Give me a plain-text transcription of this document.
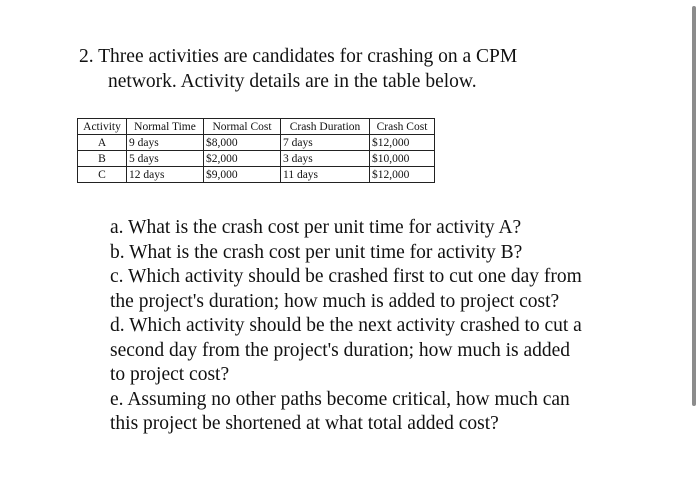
2. Three activities are candidates for crashing on a CPM
network. Activity details are in the table below.
Activity	Normal Time	Normal Cost	Crash Duration	Crash Cost
A	9 days	$8,000	7 days	$12,000
B	5 days	$2,000	3 days	$10,000
C	12 days	$9,000	11 days	$12,000
a. What is the crash cost per unit time for activity A?
b. What is the crash cost per unit time for activity B?
c. Which activity should be crashed first to cut one day from
the project's duration; how much is added to project cost?
d. Which activity should be the next activity crashed to cut a
second day from the project's duration; how much is added
to project cost?
e. Assuming no other paths become critical, how much can
this project be shortened at what total added cost?
